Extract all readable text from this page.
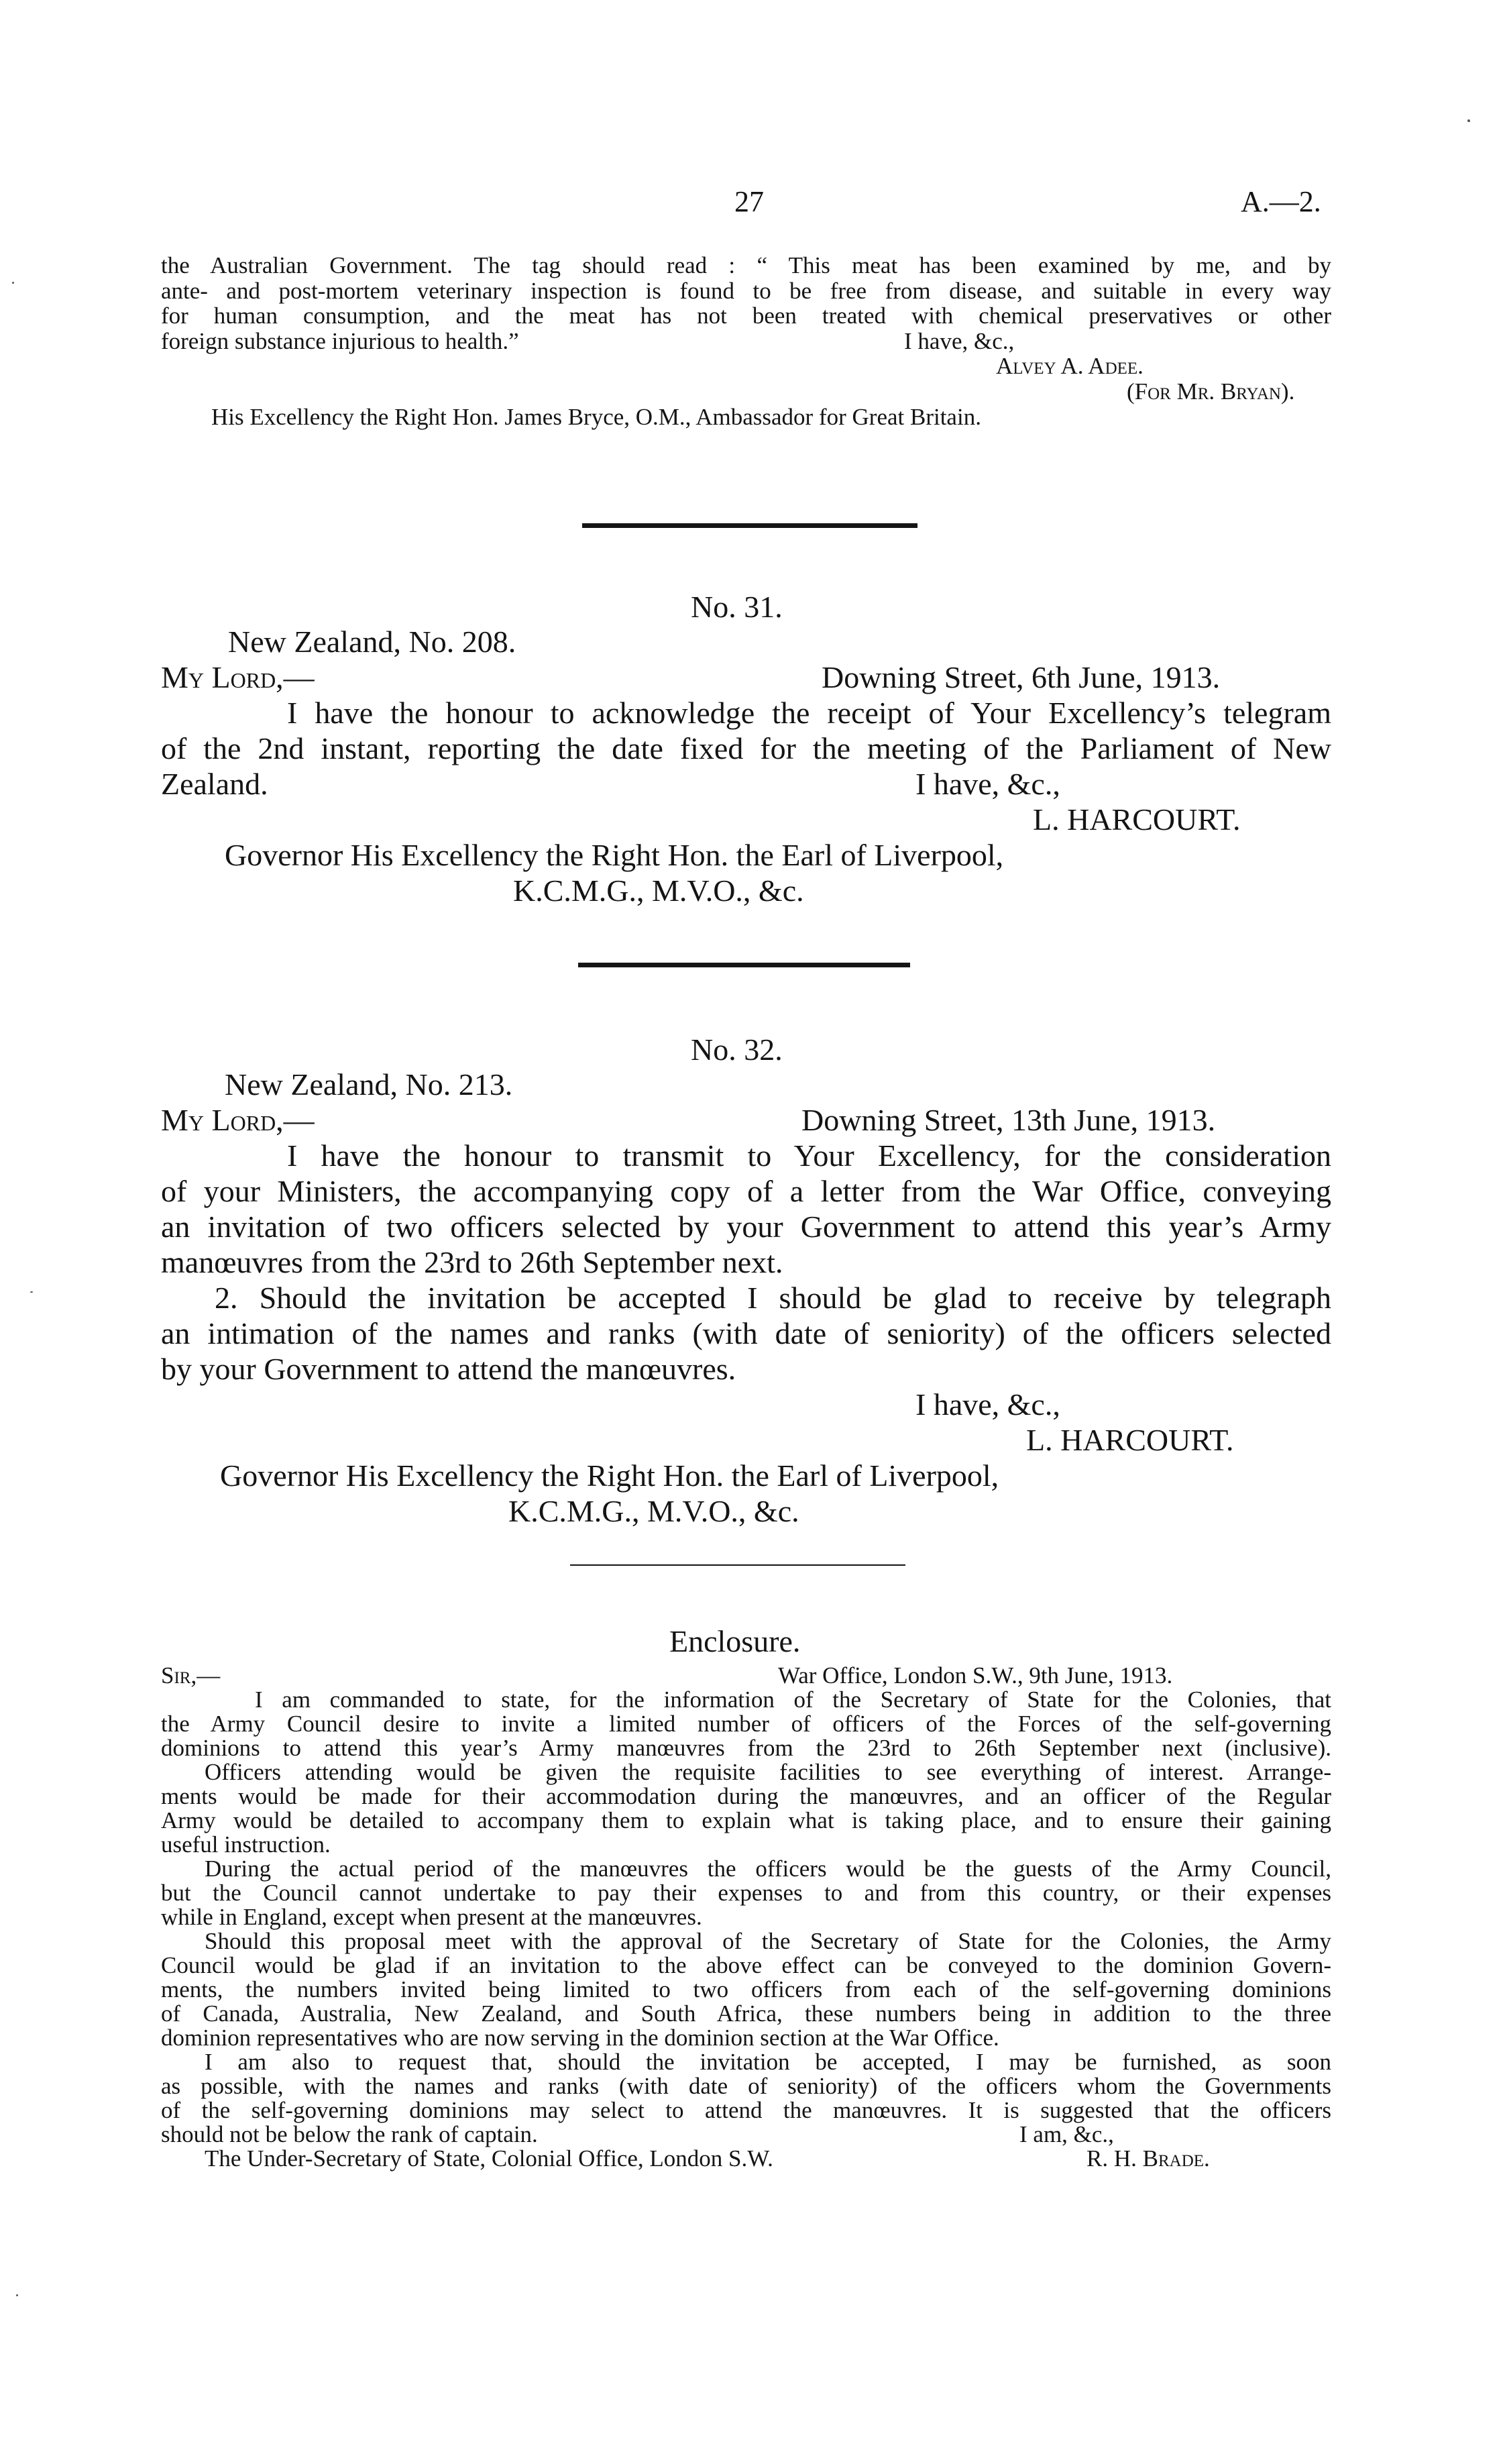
27	A.—2.
the Australian Government. The tag should read : “ This meat has been examined by me, and by
ante- and post-mortem veterinary inspection is found to be free from disease, and suitable in every way
for human consumption, and the meat has not been treated with chemical preservatives or other
foreign substance injurious to health.”	I have, &c.,
Alvey A. Adee.
(For Mr. Bryan).
His Excellency the Right Hon. James Bryce, O.M., Ambassador for Great Britain.
No. 31.
New Zealand, No. 208.
My Lord,—	Downing Street, 6th June, 1913.
I have the honour to acknowledge the receipt of Your Excellency’s telegram
of the 2nd instant, reporting the date fixed for the meeting of the Parliament of New
Zealand.	I have, &c.,
L. HARCOURT.
Governor His Excellency the Right Hon. the Earl of Liverpool,
K.C.M.G., M.V.O., &c.
No. 32.
New Zealand, No. 213.
My Lord,—	Downing Street, 13th June, 1913.
I have the honour to transmit to Your Excellency, for the consideration
of your Ministers, the accompanying copy of a letter from the War Office, conveying
an invitation of two officers selected by your Government to attend this year’s Army
manœuvres from the 23rd to 26th September next.
2. Should the invitation be accepted I should be glad to receive by telegraph
an intimation of the names and ranks (with date of seniority) of the officers selected
by your Government to attend the manœuvres.
I have, &c.,
L. HARCOURT.
Governor His Excellency the Right Hon. the Earl of Liverpool,
K.C.M.G., M.V.O., &c.
Enclosure.
Sir,—	War Office, London S.W., 9th June, 1913.
I am commanded to state, for the information of the Secretary of State for the Colonies, that
the Army Council desire to invite a limited number of officers of the Forces of the self-governing
dominions to attend this year’s Army manœuvres from the 23rd to 26th September next (inclusive).
Officers attending would be given the requisite facilities to see everything of interest. Arrange-
ments would be made for their accommodation during the manœuvres, and an officer of the Regular
Army would be detailed to accompany them to explain what is taking place, and to ensure their gaining
useful instruction.
During the actual period of the manœuvres the officers would be the guests of the Army Council,
but the Council cannot undertake to pay their expenses to and from this country, or their expenses
while in England, except when present at the manœuvres.
Should this proposal meet with the approval of the Secretary of State for the Colonies, the Army
Council would be glad if an invitation to the above effect can be conveyed to the dominion Govern-
ments, the numbers invited being limited to two officers from each of the self-governing dominions
of Canada, Australia, New Zealand, and South Africa, these numbers being in addition to the three
dominion representatives who are now serving in the dominion section at the War Office.
I am also to request that, should the invitation be accepted, I may be furnished, as soon
as possible, with the names and ranks (with date of seniority) of the officers whom the Governments
of the self-governing dominions may select to attend the manœuvres. It is suggested that the officers
should not be below the rank of captain.	I am, &c.,
The Under-Secretary of State, Colonial Office, London S.W.	R. H. Brade.
